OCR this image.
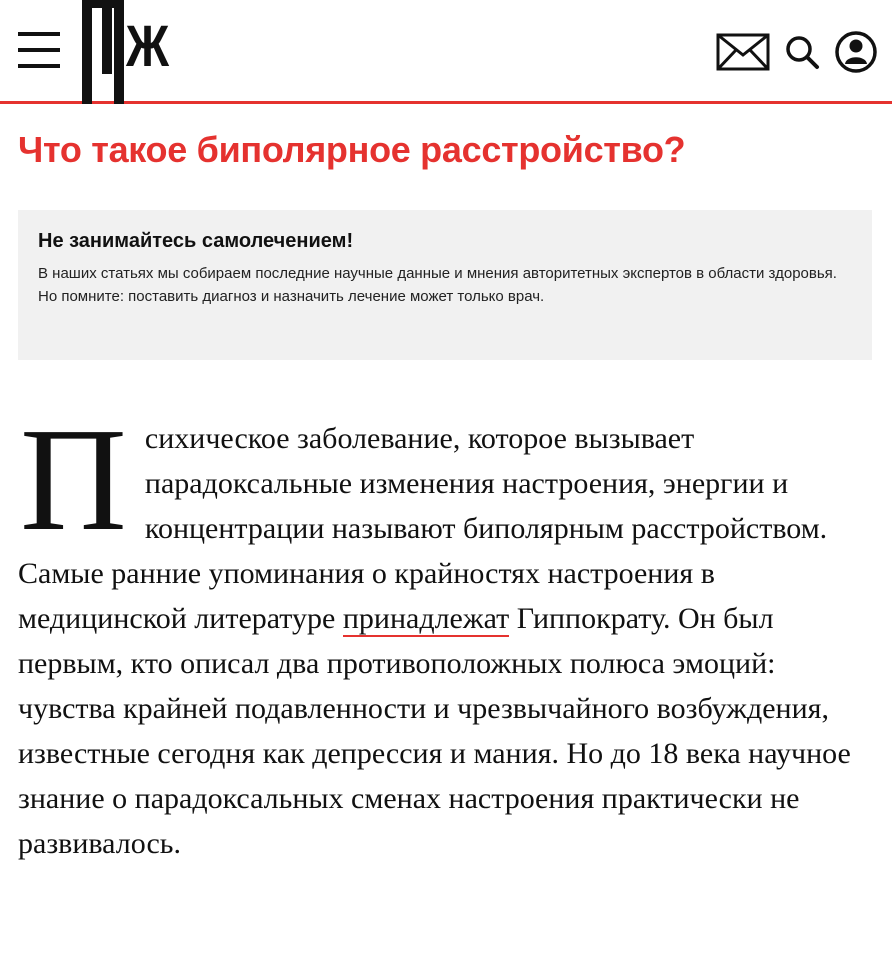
Ж
Что такое биполярное расстройство?
Не занимайтесь самолечением!

В наших статьях мы собираем последние научные данные и мнения авторитетных экспертов в области здоровья. Но помните: поставить диагноз и назначить лечение может только врач.

П сихическое заболевание, которое вызывает парадоксальные изменения настроения, энергии и концентрации называют биполярным расстройством. Самые ранние упоминания о крайностях настроения в медицинской литературе принадлежат Гиппократу. Он был первым, кто описал два противоположных полюса эмоций: чувства крайней подавленности и чрезвычайного возбуждения, известные сегодня как депрессия и мания. Но до 18 века научное знание о парадоксальных сменах настроения практически не развивалось.
